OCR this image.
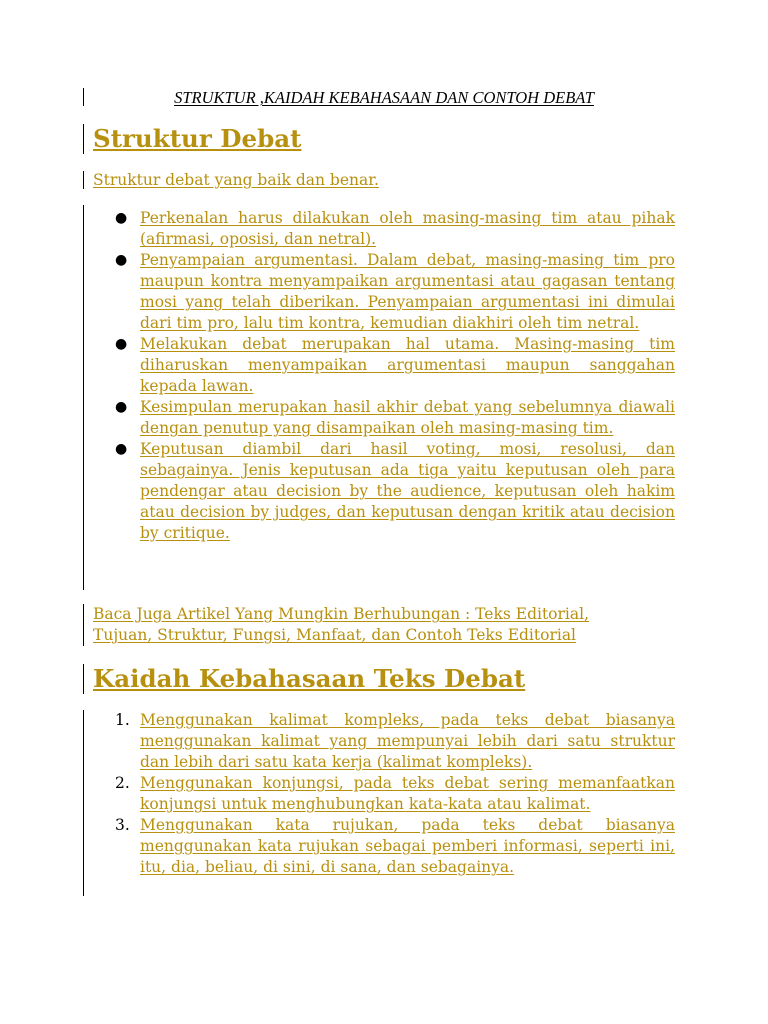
STRUKTUR ,KAIDAH KEBAHASAAN DAN CONTOH DEBAT
Struktur Debat
Struktur debat yang baik dan benar.
● Perkenalan harus dilakukan oleh masing-masing tim atau pihak (afirmasi, oposisi, dan netral).
● Penyampaian argumentasi. Dalam debat, masing-masing tim pro maupun kontra menyampaikan argumentasi atau gagasan tentang mosi yang telah diberikan. Penyampaian argumentasi ini dimulai dari tim pro, lalu tim kontra, kemudian diakhiri oleh tim netral.
● Melakukan debat merupakan hal utama. Masing-masing tim diharuskan menyampaikan argumentasi maupun sanggahan kepada lawan.
● Kesimpulan merupakan hasil akhir debat yang sebelumnya diawali dengan penutup yang disampaikan oleh masing-masing tim.
● Keputusan diambil dari hasil voting, mosi, resolusi, dan sebagainya. Jenis keputusan ada tiga yaitu keputusan oleh para pendengar atau decision by the audience, keputusan oleh hakim atau decision by judges, dan keputusan dengan kritik atau decision by critique.
Baca Juga Artikel Yang Mungkin Berhubungan : Teks Editorial,
Tujuan, Struktur, Fungsi, Manfaat, dan Contoh Teks Editorial
Kaidah Kebahasaan Teks Debat
1. Menggunakan kalimat kompleks, pada teks debat biasanya menggunakan kalimat yang mempunyai lebih dari satu struktur dan lebih dari satu kata kerja (kalimat kompleks).
2. Menggunakan konjungsi, pada teks debat sering memanfaatkan konjungsi untuk menghubungkan kata-kata atau kalimat.
3. Menggunakan kata rujukan, pada teks debat biasanya menggunakan kata rujukan sebagai pemberi informasi, seperti ini, itu, dia, beliau, di sini, di sana, dan sebagainya.
